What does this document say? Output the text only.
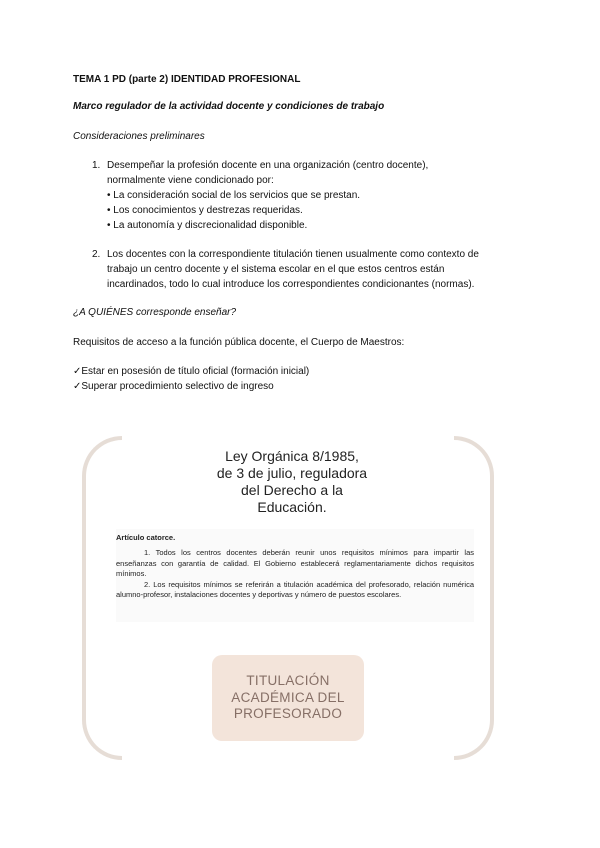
TEMA 1 PD (parte 2) IDENTIDAD PROFESIONAL
Marco regulador de la actividad docente y condiciones de trabajo
Consideraciones preliminares
1. Desempeñar la profesión docente en una organización (centro docente),
normalmente viene condicionado por:
• La consideración social de los servicios que se prestan.
• Los conocimientos y destrezas requeridas.
• La autonomía y discrecionalidad disponible.
2. Los docentes con la correspondiente titulación tienen usualmente como contexto de
trabajo un centro docente y el sistema escolar en el que estos centros están
incardinados, todo lo cual introduce los correspondientes condicionantes (normas).
¿A QUIÉNES corresponde enseñar?
Requisitos de acceso a la función pública docente, el Cuerpo de Maestros:
✓Estar en posesión de título oficial (formación inicial)
✓Superar procedimiento selectivo de ingreso
Ley Orgánica 8/1985,
de 3 de julio, reguladora
del Derecho a la
Educación.
Artículo catorce.

1. Todos los centros docentes deberán reunir unos requisitos mínimos para impartir las enseñanzas con garantía de calidad. El Gobierno establecerá reglamentariamente dichos requisitos mínimos.

2. Los requisitos mínimos se referirán a titulación académica del profesorado, relación numérica alumno-profesor, instalaciones docentes y deportivas y número de puestos escolares.

TITULACIÓN
ACADÉMICA DEL
PROFESORADO
